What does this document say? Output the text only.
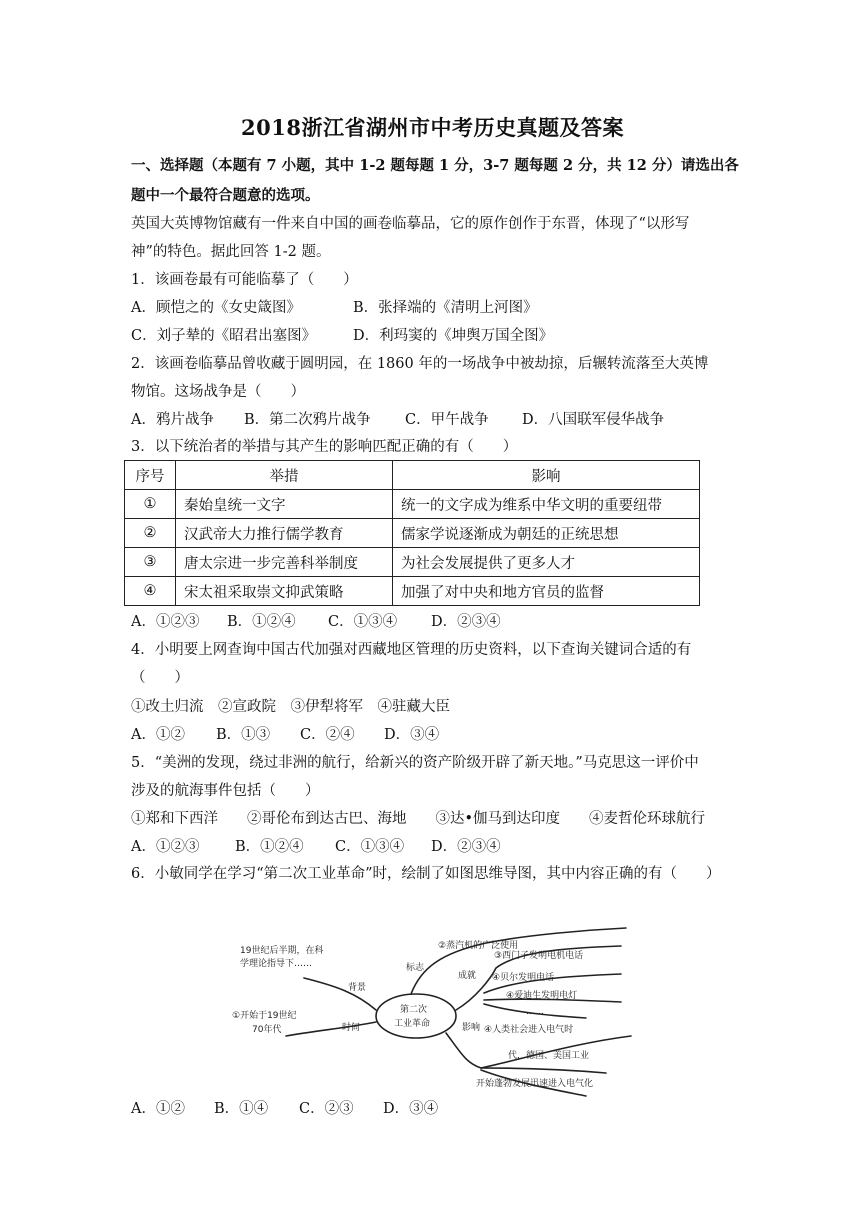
2018浙江省湖州市中考历史真题及答案
一、选择题（本题有 7 小题，其中 1-2 题每题 1 分，3-7 题每题 2 分，共 12 分）请选出各
题中一个最符合题意的选项。
英国大英博物馆藏有一件来自中国的画卷临摹品，它的原作创作于东晋，体现了“以形写
神”的特色。据此回答 1-2 题。
1．该画卷最有可能临摹了（　　）
A．顾恺之的《女史箴图》	B．张择端的《清明上河图》
C．刘子辇的《昭君出塞图》	D．利玛窦的《坤舆万国全图》
2．该画卷临摹品曾收藏于圆明园，在 1860 年的一场战争中被劫掠，后辗转流落至大英博
物馆。这场战争是（　　）
A．鸦片战争 B．第二次鸦片战争 C．甲午战争 D．八国联军侵华战争
3．以下统治者的举措与其产生的影响匹配正确的有（　　）
序号	举措	影响
①	秦始皇统一文字	统一的文字成为维系中华文明的重要纽带
②	汉武帝大力推行儒学教育	儒家学说逐渐成为朝廷的正统思想
③	唐太宗进一步完善科举制度	为社会发展提供了更多人才
④	宋太祖采取崇文抑武策略	加强了对中央和地方官员的监督
A．①②③ B．①②④ C．①③④ D．②③④
4．小明要上网查询中国古代加强对西藏地区管理的历史资料，以下查询关键词合适的有
（　　）
①改土归流　②宣政院　③伊犁将军　④驻藏大臣
A．①② B．①③ C．②④ D．③④
5．“美洲的发现，绕过非洲的航行，给新兴的资产阶级开辟了新天地。”马克思这一评价中
涉及的航海事件包括（　　）
①郑和下西洋　　②哥伦布到达古巴、海地　　③达•伽马到达印度　　④麦哲伦环球航行
A．①②③ B．①②④ C．①③④ D．②③④
6．小敏同学在学习“第二次工业革命”时，绘制了如图思维导图，其中内容正确的有（　　）
第二次
工业革命
19世纪后半期，在科
学理论指导下……
①开始于19世纪
70年代
背景
标志
时间
成就
影响
②蒸汽机的广泛使用
③西门子发明电机电话
④贝尔发明电话
④爱迪生发明电灯
……
④人类社会进入电气时
代，德国、美国工业
开始蓬勃发展迅速进入电气化
A．①② B．①④ C．②③ D．③④
